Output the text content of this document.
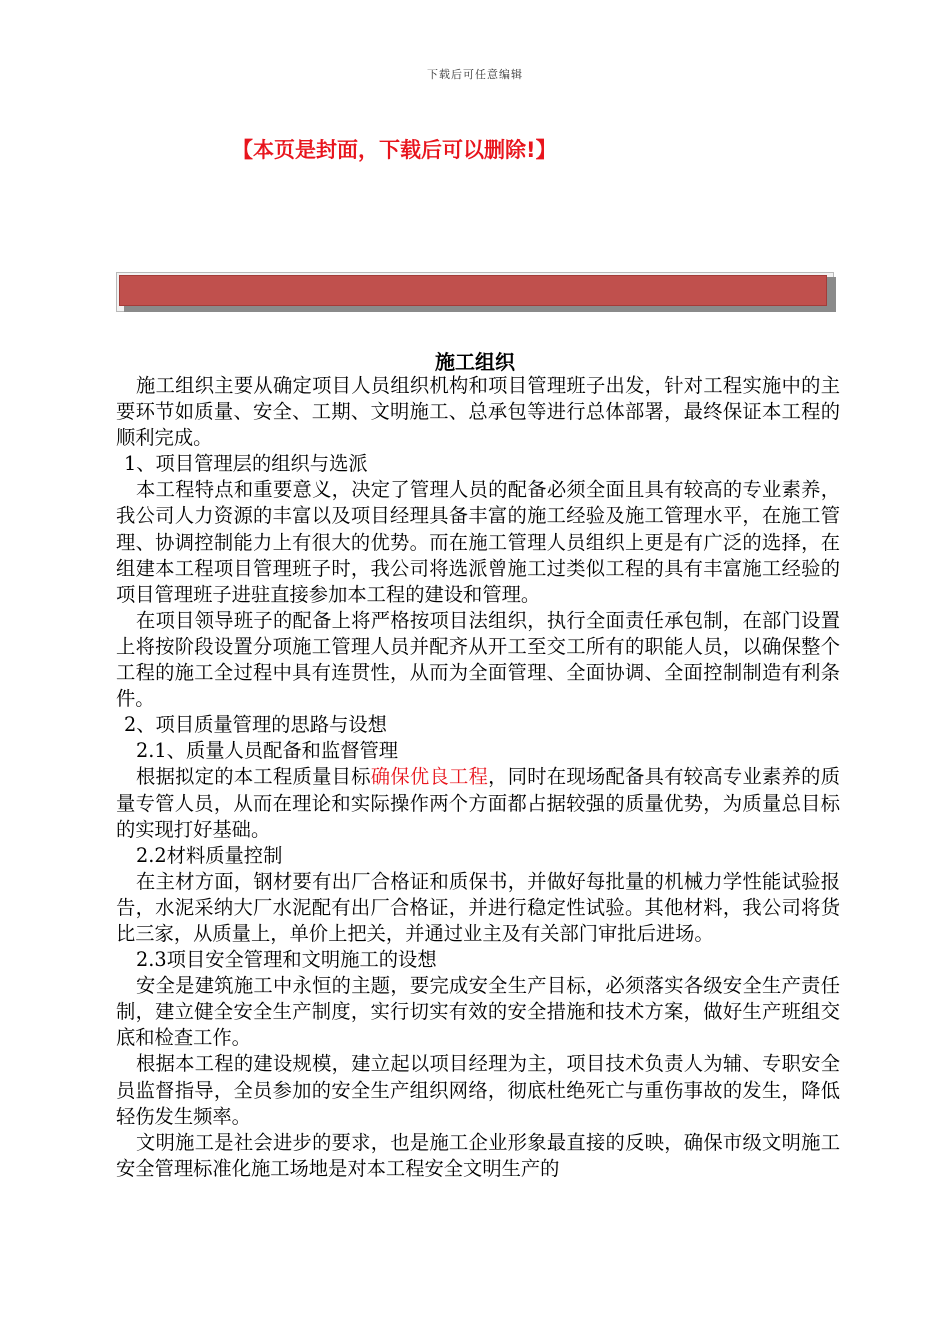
下载后可任意编辑
【本页是封面，下载后可以删除!】
施工组织

施工组织主要从确定项目人员组织机构和项目管理班子出发，针对工程实施中的主要环节如质量、安全、工期、文明施工、总承包等进行总体部署，最终保证本工程的顺利完成。

1、项目管理层的组织与选派

本工程特点和重要意义，决定了管理人员的配备必须全面且具有较高的专业素养，我公司人力资源的丰富以及项目经理具备丰富的施工经验及施工管理水平，在施工管理、协调控制能力上有很大的优势。而在施工管理人员组织上更是有广泛的选择，在组建本工程项目管理班子时，我公司将选派曾施工过类似工程的具有丰富施工经验的项目管理班子进驻直接参加本工程的建设和管理。

在项目领导班子的配备上将严格按项目法组织，执行全面责任承包制，在部门设置上将按阶段设置分项施工管理人员并配齐从开工至交工所有的职能人员，以确保整个工程的施工全过程中具有连贯性，从而为全面管理、全面协调、全面控制制造有利条件。

2、项目质量管理的思路与设想

2.1、质量人员配备和监督管理

根据拟定的本工程质量目标确保优良工程，同时在现场配备具有较高专业素养的质量专管人员，从而在理论和实际操作两个方面都占据较强的质量优势，为质量总目标的实现打好基础。

2.2材料质量控制

在主材方面，钢材要有出厂合格证和质保书，并做好每批量的机械力学性能试验报告，水泥采纳大厂水泥配有出厂合格证，并进行稳定性试验。其他材料，我公司将货比三家，从质量上，单价上把关，并通过业主及有关部门审批后进场。

2.3项目安全管理和文明施工的设想

安全是建筑施工中永恒的主题，要完成安全生产目标，必须落实各级安全生产责任制，建立健全安全生产制度，实行切实有效的安全措施和技术方案，做好生产班组交底和检查工作。

根据本工程的建设规模，建立起以项目经理为主，项目技术负责人为辅、专职安全员监督指导，全员参加的安全生产组织网络，彻底杜绝死亡与重伤事故的发生，降低轻伤发生频率。

文明施工是社会进步的要求，也是施工企业形象最直接的反映，确保市级文明施工安全管理标准化施工场地是对本工程安全文明生产的
